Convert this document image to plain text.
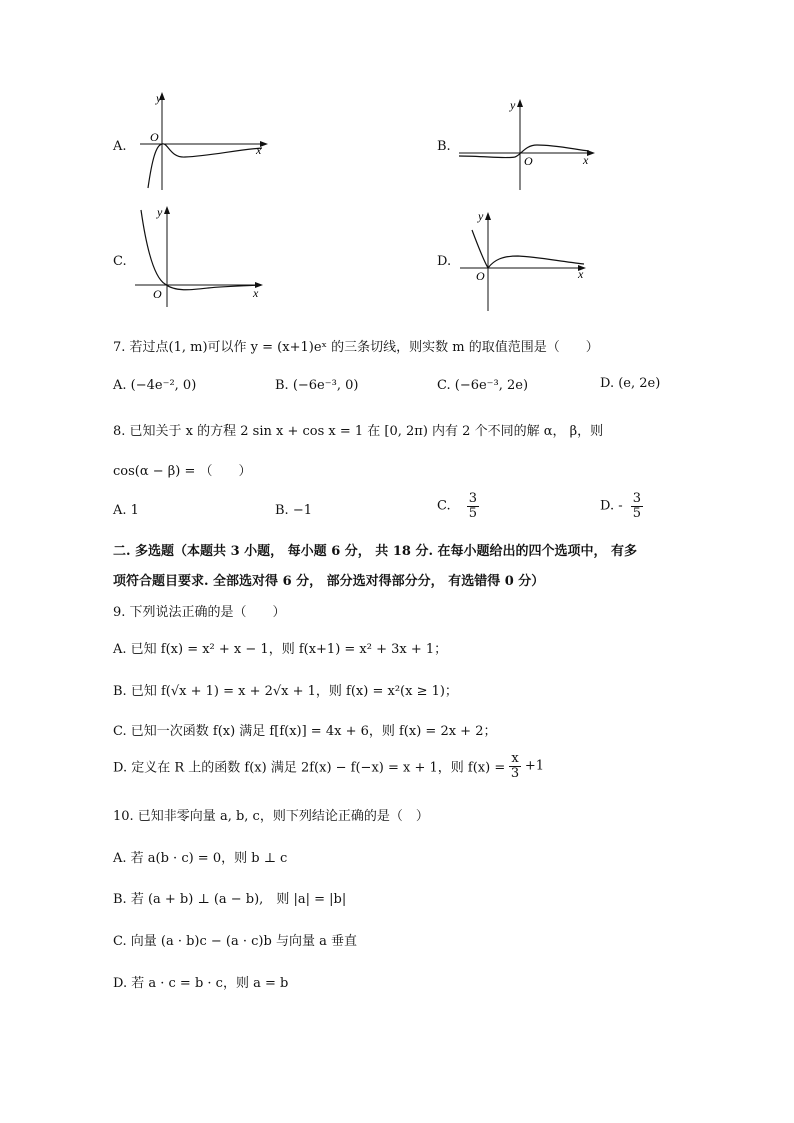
A.
y
x
O
B.
y
x
O
C.
y
x
O
D.
y
x
O
7. 若过点(1, m)可以作 y = (x+1)eˣ 的三条切线，则实数 m 的取值范围是（　　）
A. (−4e⁻², 0)	B. (−6e⁻³, 0)	C. (−6e⁻³, 2e)	D. (e, 2e)
8. 已知关于 x 的方程 2 sin x + cos x = 1 在 [0, 2π) 内有 2 个不同的解 α， β，则
cos(α − β) = （　　）
A. 1	B. −1	C. $\frac{3}{5}$	D. - $\frac{3}{5}$
二. 多选题（本题共 3 小题， 每小题 6 分， 共 18 分. 在每小题给出的四个选项中， 有多
项符合题目要求. 全部选对得 6 分， 部分选对得部分分， 有选错得 0 分）
9. 下列说法正确的是（　　）
A. 已知 f(x) = x² + x − 1，则 f(x+1) = x² + 3x + 1；
B. 已知 f(√x + 1) = x + 2√x + 1，则 f(x) = x²(x ≥ 1)；
C. 已知一次函数 f(x) 满足 f[f(x)] = 4x + 6，则 f(x) = 2x + 2；
D. 定义在 R 上的函数 f(x) 满足 2f(x) − f(−x) = x + 1，则 $f(x) = \frac{x}{3} +1$
10. 已知非零向量 a, b, c，则下列结论正确的是（　）
A. 若 a(b · c) = 0，则 b ⊥ c
B. 若 (a + b) ⊥ (a − b),　则 |a| = |b|
C. 向量 (a · b)c − (a · c)b 与向量 a 垂直
D. 若 a · c = b · c，则 a = b
